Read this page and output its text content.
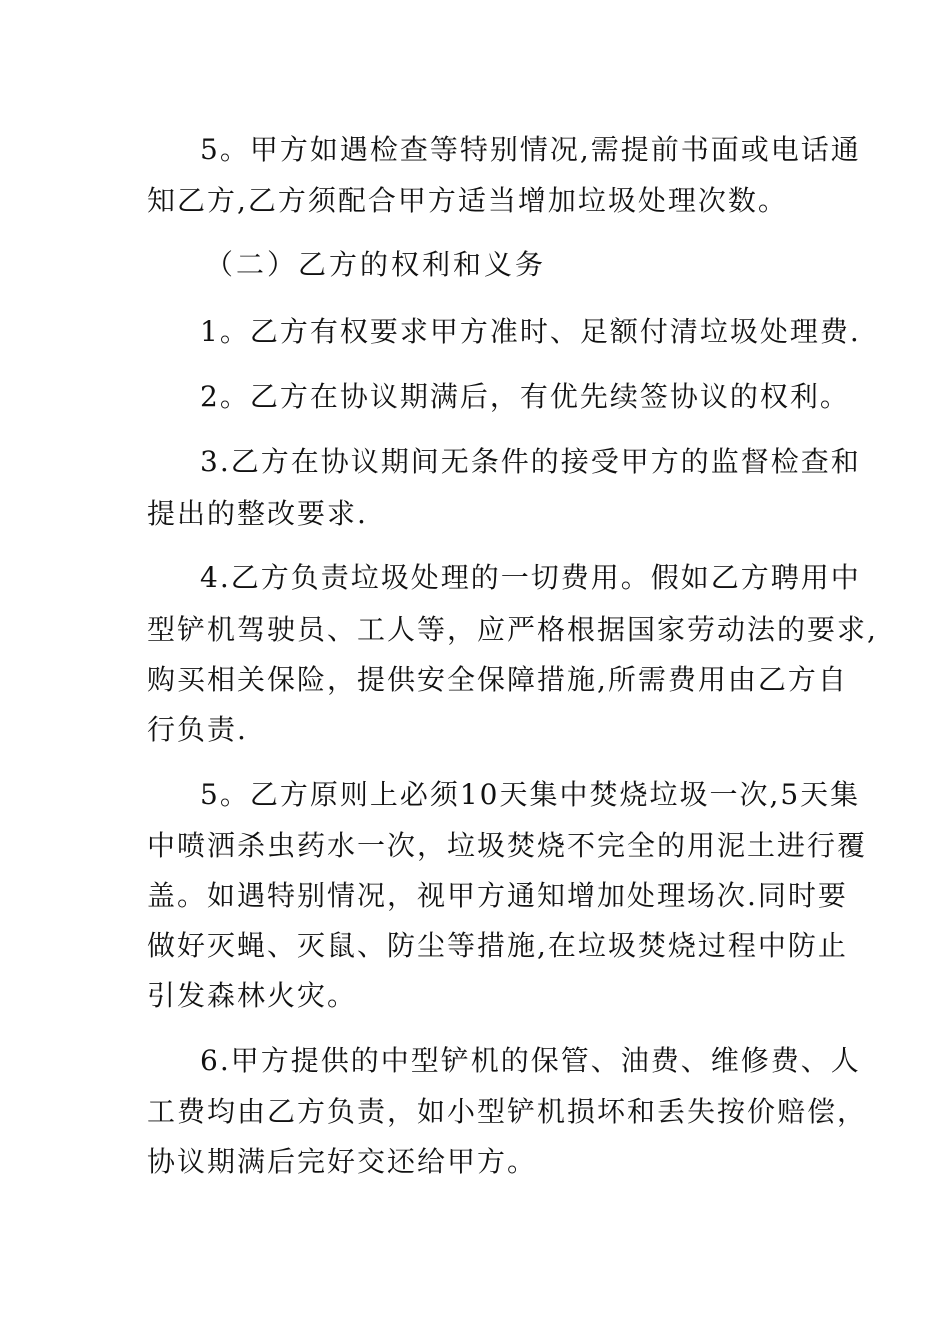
5。甲方如遇检查等特别情况,需提前书面或电话通
知乙方,乙方须配合甲方适当增加垃圾处理次数。
（二）乙方的权利和义务
1。乙方有权要求甲方准时、足额付清垃圾处理费.
2。乙方在协议期满后，有优先续签协议的权利。
3.乙方在协议期间无条件的接受甲方的监督检查和
提出的整改要求.
4.乙方负责垃圾处理的一切费用。假如乙方聘用中
型铲机驾驶员、工人等，应严格根据国家劳动法的要求,
购买相关保险，提供安全保障措施,所需费用由乙方自
行负责.
5。乙方原则上必须10天集中焚烧垃圾一次,5天集
中喷洒杀虫药水一次，垃圾焚烧不完全的用泥土进行覆
盖。如遇特别情况，视甲方通知增加处理场次.同时要
做好灭蝇、灭鼠、防尘等措施,在垃圾焚烧过程中防止
引发森林火灾。
6.甲方提供的中型铲机的保管、油费、维修费、人
工费均由乙方负责，如小型铲机损坏和丢失按价赔偿，
协议期满后完好交还给甲方。
